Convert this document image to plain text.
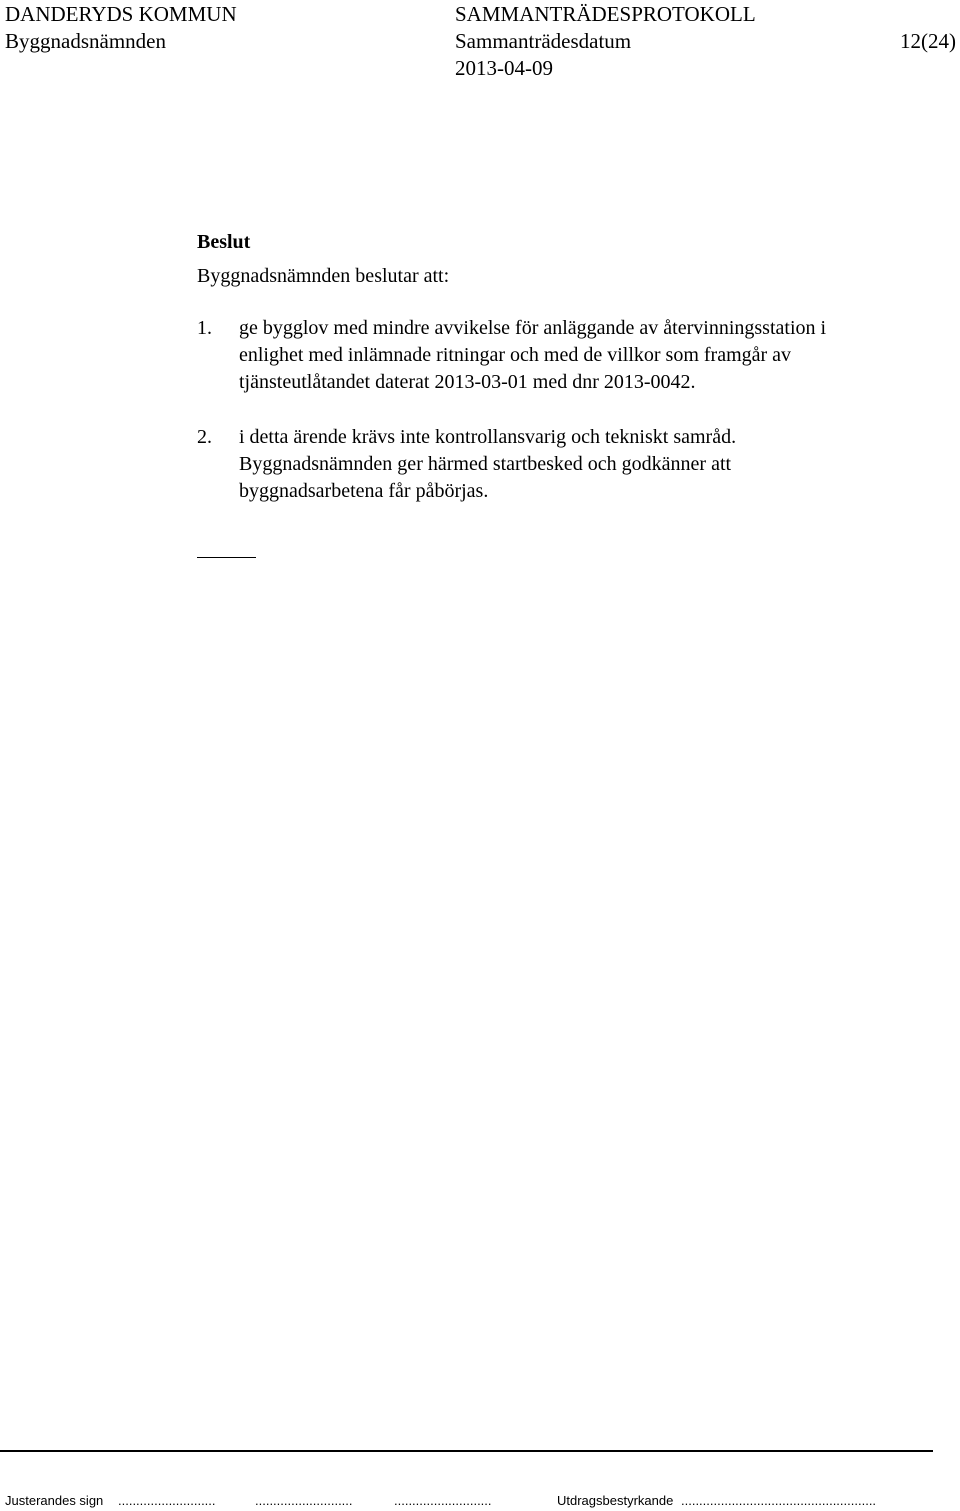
DANDERYDS KOMMUN
Byggnadsnämnden
SAMMANTRÄDESPROTOKOLL
Sammanträdesdatum
2013-04-09
12(24)
Beslut
Byggnadsnämnden beslutar att:
1. ge bygglov med mindre avvikelse för anläggande av återvinningsstation i
enlighet med inlämnade ritningar och med de villkor som framgår av
tjänsteutlåtandet daterat 2013-03-01 med dnr 2013-0042.
2. i detta ärende krävs inte kontrollansvarig och tekniskt samråd.
Byggnadsnämnden ger härmed startbesked och godkänner att
byggnadsarbetena får påbörjas.
Justerandes sign ...........................	...........................	...........................	Utdragsbestyrkande ......................................................
